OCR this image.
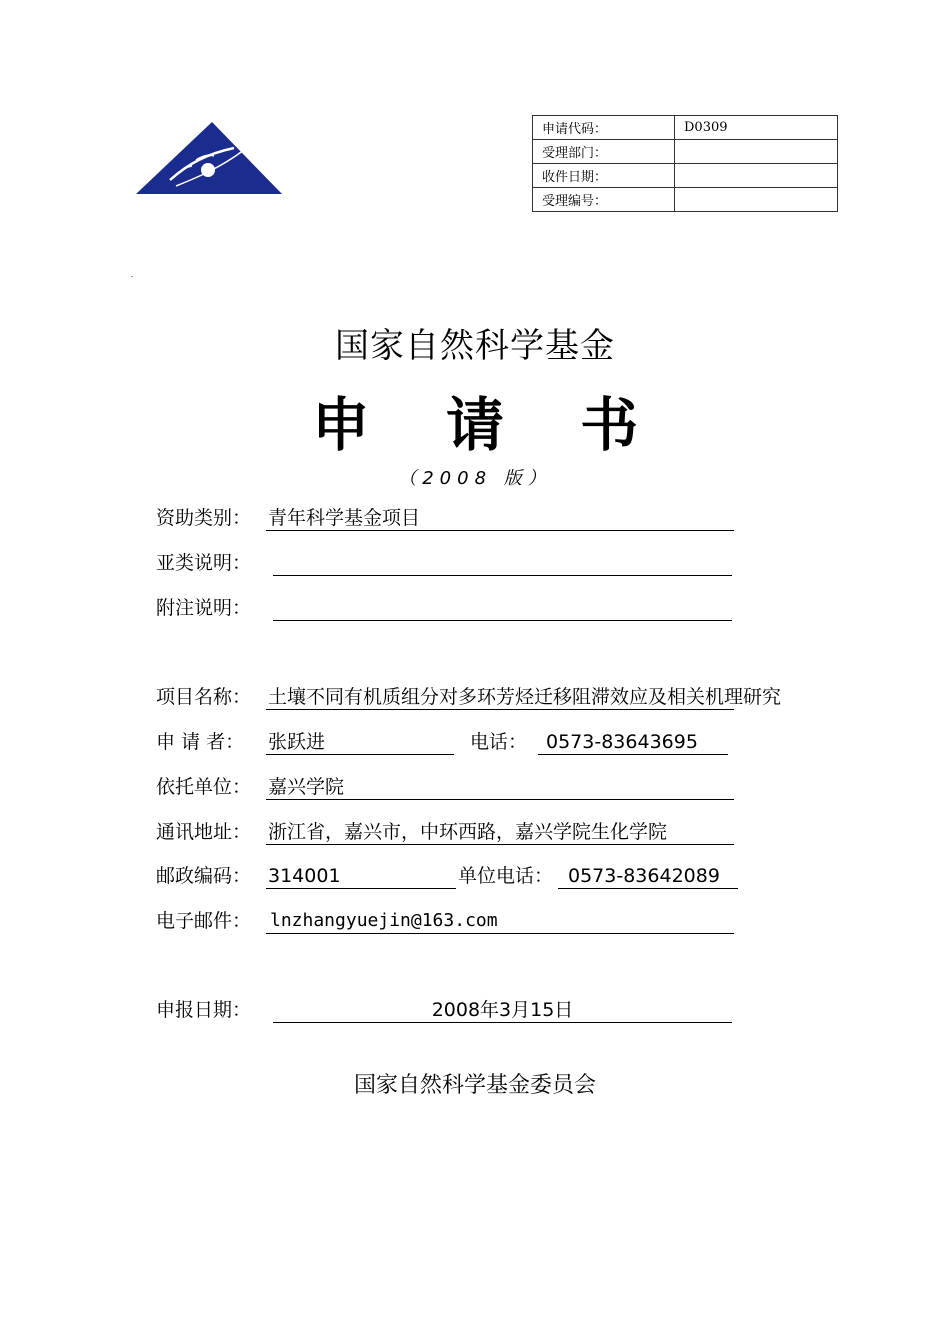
申请代码：	D0309
受理部门：	
收件日期：	
受理编号：	
国家自然科学基金
申 请 书
（2008 版）
资助类别： 青年科学基金项目
亚类说明：
附注说明：
项目名称： 土壤不同有机质组分对多环芳烃迁移阻滞效应及相关机理研究
申 请 者： 张跃进	电话： 0573-83643695
依托单位： 嘉兴学院
通讯地址： 浙江省，嘉兴市，中环西路，嘉兴学院生化学院
邮政编码： 314001	单位电话： 0573-83642089
电子邮件： lnzhangyuejin@163.com
申报日期：	2008年3月15日
国家自然科学基金委员会
